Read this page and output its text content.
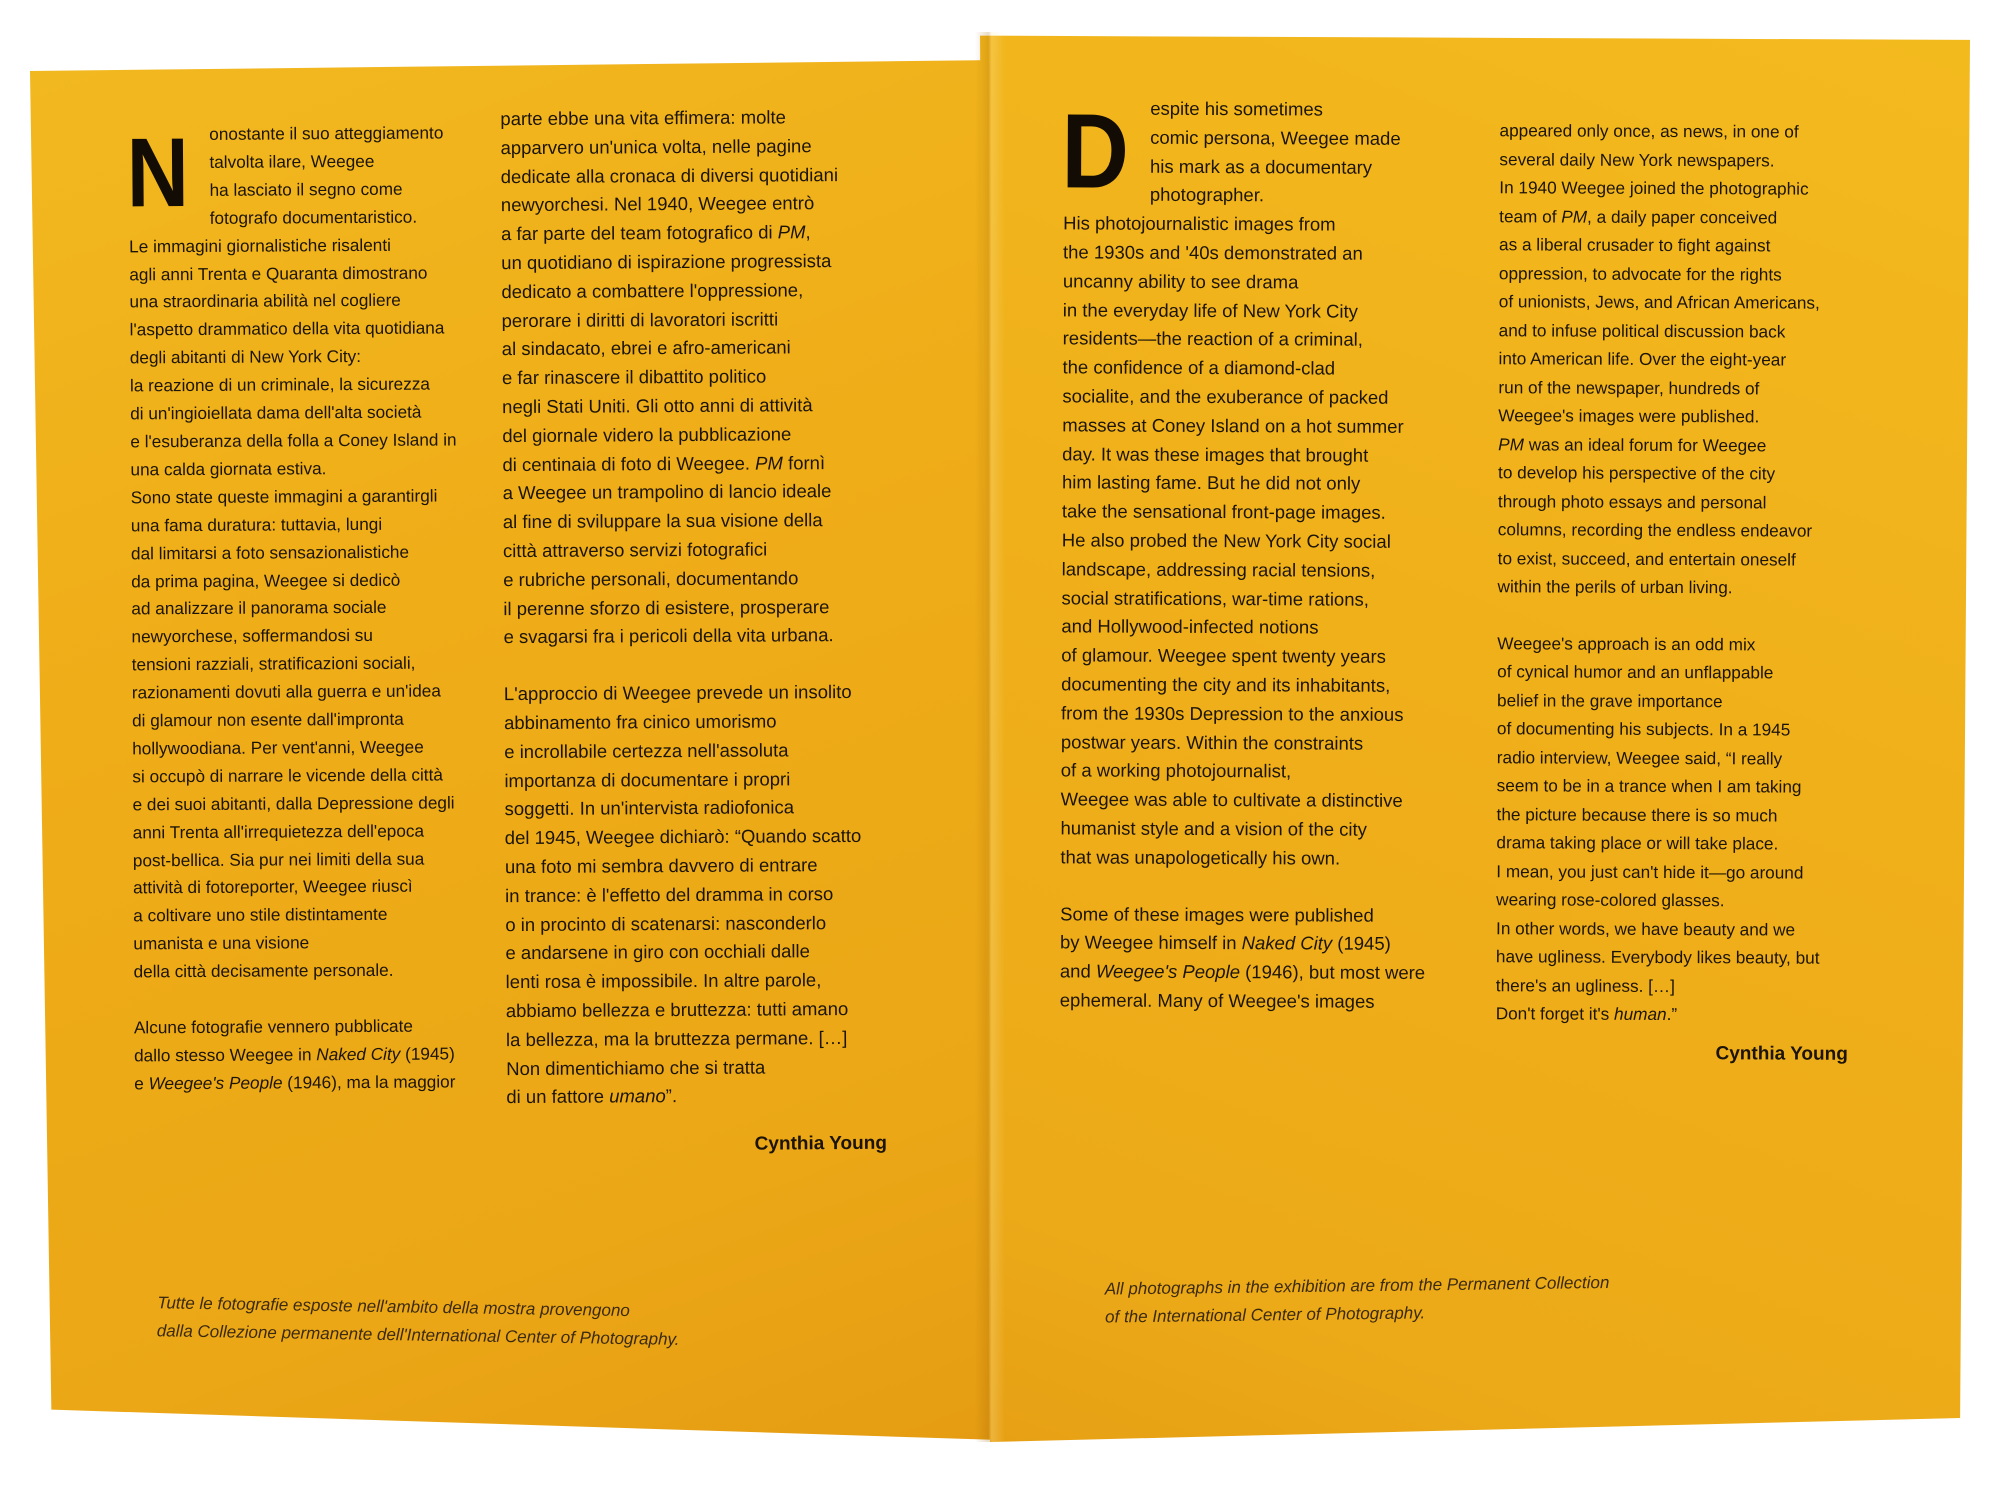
N	onostante il suo atteggiamento
talvolta ilare, Weegee
ha lasciato il segno come
fotografo documentaristico.
Le immagini giornalistiche risalenti
agli anni Trenta e Quaranta dimostrano
una straordinaria abilità nel cogliere
l'aspetto drammatico della vita quotidiana
degli abitanti di New York City:
la reazione di un criminale, la sicurezza
di un'ingioiellata dama dell'alta società
e l'esuberanza della folla a Coney Island in
una calda giornata estiva.
Sono state queste immagini a garantirgli
una fama duratura: tuttavia, lungi
dal limitarsi a foto sensazionalistiche
da prima pagina, Weegee si dedicò
ad analizzare il panorama sociale
newyorchese, soffermandosi su
tensioni razziali, stratificazioni sociali,
razionamenti dovuti alla guerra e un'idea
di glamour non esente dall'impronta
hollywoodiana. Per vent'anni, Weegee
si occupò di narrare le vicende della città
e dei suoi abitanti, dalla Depressione degli
anni Trenta all'irrequietezza dell'epoca
post-bellica. Sia pur nei limiti della sua
attività di fotoreporter, Weegee riuscì
a coltivare uno stile distintamente
umanista e una visione
della città decisamente personale.

Alcune fotografie vennero pubblicate
dallo stesso Weegee in Naked City (1945)
e Weegee's People (1946), ma la maggior

parte ebbe una vita effimera: molte
apparvero un'unica volta, nelle pagine
dedicate alla cronaca di diversi quotidiani
newyorchesi. Nel 1940, Weegee entrò
a far parte del team fotografico di PM,
un quotidiano di ispirazione progressista
dedicato a combattere l'oppressione,
perorare i diritti di lavoratori iscritti
al sindacato, ebrei e afro-americani
e far rinascere il dibattito politico
negli Stati Uniti. Gli otto anni di attività
del giornale videro la pubblicazione
di centinaia di foto di Weegee. PM fornì
a Weegee un trampolino di lancio ideale
al fine di sviluppare la sua visione della
città attraverso servizi fotografici
e rubriche personali, documentando
il perenne sforzo di esistere, prosperare
e svagarsi fra i pericoli della vita urbana.

L'approccio di Weegee prevede un insolito
abbinamento fra cinico umorismo
e incrollabile certezza nell'assoluta
importanza di documentare i propri
soggetti. In un'intervista radiofonica
del 1945, Weegee dichiarò: “Quando scatto
una foto mi sembra davvero di entrare
in trance: è l'effetto del dramma in corso
o in procinto di scatenarsi: nasconderlo
e andarsene in giro con occhiali dalle
lenti rosa è impossibile. In altre parole,
abbiamo bellezza e bruttezza: tutti amano
la bellezza, ma la bruttezza permane. […]
Non dimentichiamo che si tratta
di un fattore umano”.

Cynthia Young
Tutte le fotografie esposte nell'ambito della mostra provengono
dalla Collezione permanente dell'International Center of Photography.

D	espite his sometimes
comic persona, Weegee made
his mark as a documentary
photographer.
His photojournalistic images from
the 1930s and '40s demonstrated an
uncanny ability to see drama
in the everyday life of New York City
residents—the reaction of a criminal,
the confidence of a diamond-clad
socialite, and the exuberance of packed
masses at Coney Island on a hot summer
day. It was these images that brought
him lasting fame. But he did not only
take the sensational front-page images.
He also probed the New York City social
landscape, addressing racial tensions,
social stratifications, war-time rations,
and Hollywood-infected notions
of glamour. Weegee spent twenty years
documenting the city and its inhabitants,
from the 1930s Depression to the anxious
postwar years. Within the constraints
of a working photojournalist,
Weegee was able to cultivate a distinctive
humanist style and a vision of the city
that was unapologetically his own.

Some of these images were published
by Weegee himself in Naked City (1945)
and Weegee's People (1946), but most were
ephemeral. Many of Weegee's images

appeared only once, as news, in one of
several daily New York newspapers.
In 1940 Weegee joined the photographic
team of PM, a daily paper conceived
as a liberal crusader to fight against
oppression, to advocate for the rights
of unionists, Jews, and African Americans,
and to infuse political discussion back
into American life. Over the eight-year
run of the newspaper, hundreds of
Weegee's images were published.
PM was an ideal forum for Weegee
to develop his perspective of the city
through photo essays and personal
columns, recording the endless endeavor
to exist, succeed, and entertain oneself
within the perils of urban living.

Weegee's approach is an odd mix
of cynical humor and an unflappable
belief in the grave importance
of documenting his subjects. In a 1945
radio interview, Weegee said, “I really
seem to be in a trance when I am taking
the picture because there is so much
drama taking place or will take place.
I mean, you just can't hide it—go around
wearing rose-colored glasses.
In other words, we have beauty and we
have ugliness. Everybody likes beauty, but
there's an ugliness. […]
Don't forget it's human.”

Cynthia Young
All photographs in the exhibition are from the Permanent Collection
of the International Center of Photography.
